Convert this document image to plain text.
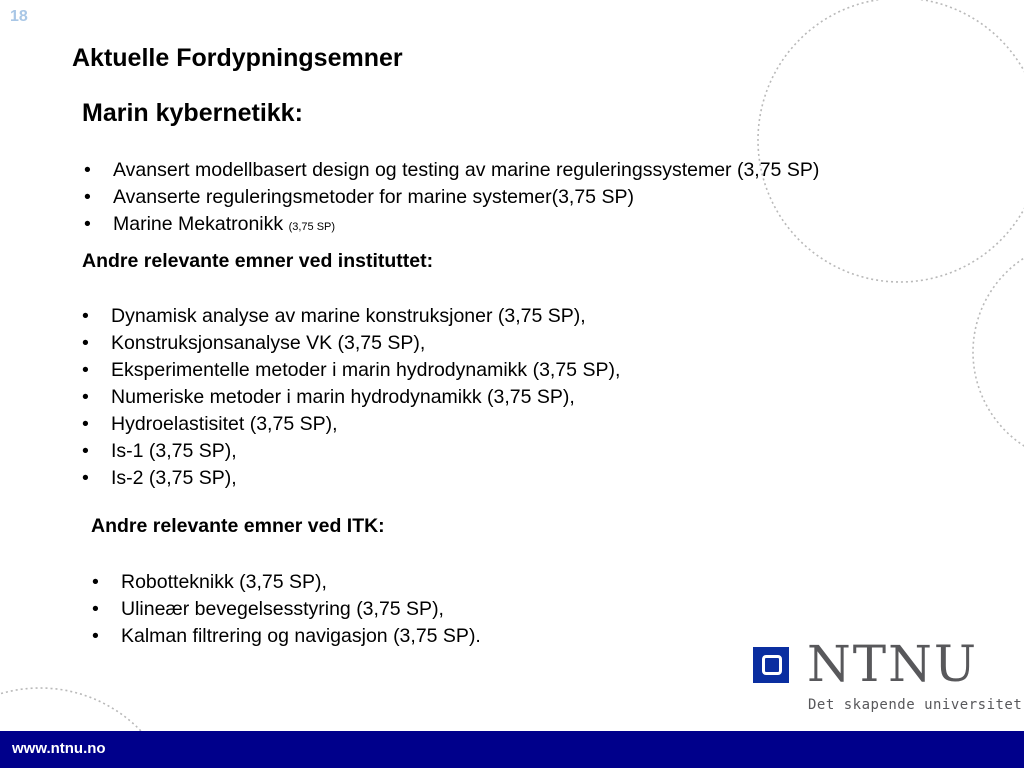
18
Aktuelle Fordypningsemner
Marin kybernetikk:
• Avansert modellbasert design og testing av marine reguleringssystemer (3,75 SP)
• Avanserte reguleringsmetoder for marine systemer(3,75 SP)
• Marine Mekatronikk (3,75 SP)
Andre relevante emner ved instituttet:
• Dynamisk analyse av marine konstruksjoner (3,75 SP),
• Konstruksjonsanalyse VK (3,75 SP),
• Eksperimentelle metoder i marin hydrodynamikk (3,75 SP),
• Numeriske metoder i marin hydrodynamikk (3,75 SP),
• Hydroelastisitet (3,75 SP),
• Is-1 (3,75 SP),
• Is-2 (3,75 SP),
Andre relevante emner ved ITK:
• Robotteknikk (3,75 SP),
• Ulineær bevegelsesstyring (3,75 SP),
• Kalman filtrering og navigasjon (3,75 SP).	NTNU
Det skapende universitet
www.ntnu.no
